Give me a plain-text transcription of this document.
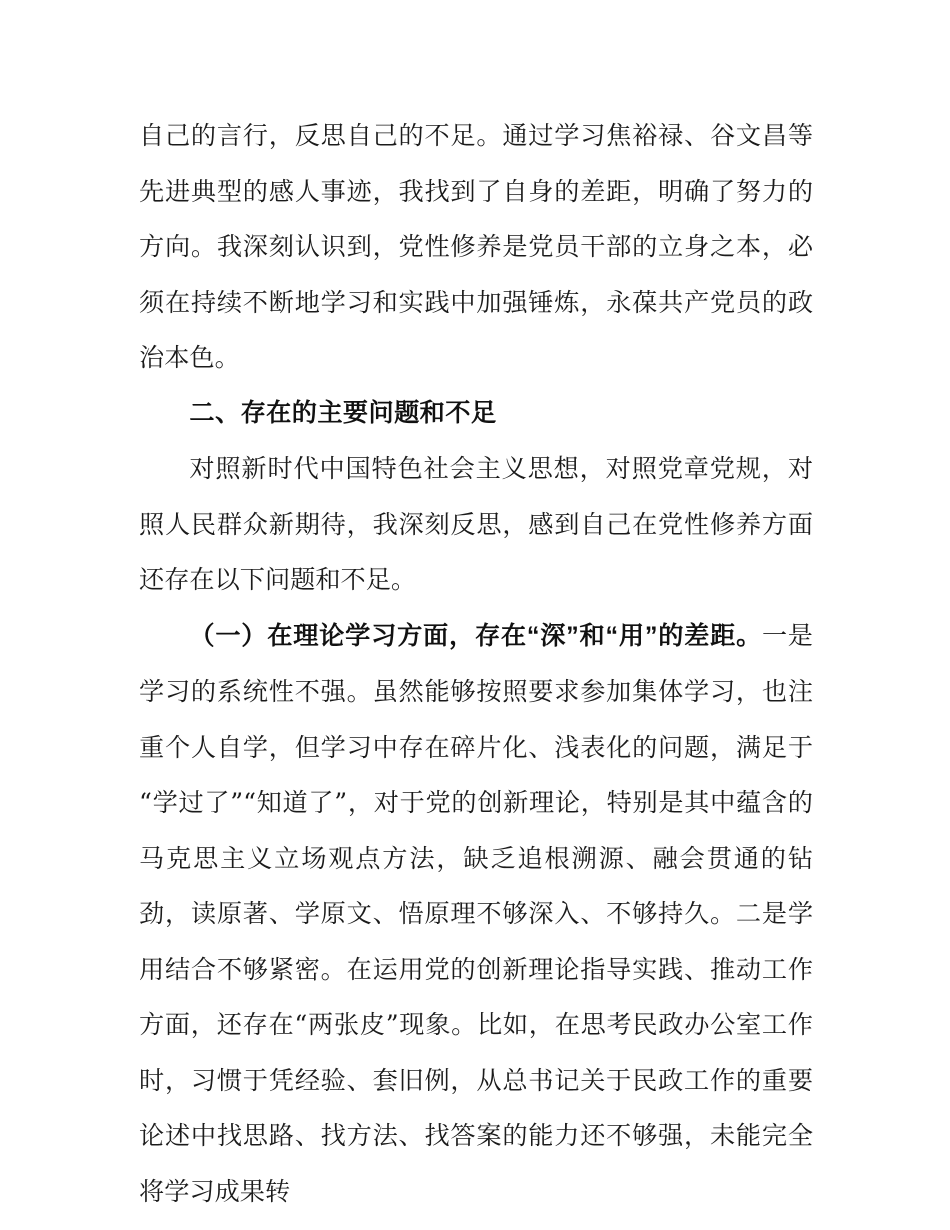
自己的言行，反思自己的不足。通过学习焦裕禄、谷文昌等先进典型的感人事迹，我找到了自身的差距，明确了努力的方向。我深刻认识到，党性修养是党员干部的立身之本，必须在持续不断地学习和实践中加强锤炼，永葆共产党员的政治本色。

二、存在的主要问题和不足

对照新时代中国特色社会主义思想，对照党章党规，对照人民群众新期待，我深刻反思，感到自己在党性修养方面还存在以下问题和不足。

（一）在理论学习方面，存在“深”和“用”的差距。一是学习的系统性不强。虽然能够按照要求参加集体学习，也注重个人自学，但学习中存在碎片化、浅表化的问题，满足于“学过了”“知道了”，对于党的创新理论，特别是其中蕴含的马克思主义立场观点方法，缺乏追根溯源、融会贯通的钻劲，读原著、学原文、悟原理不够深入、不够持久。二是学用结合不够紧密。在运用党的创新理论指导实践、推动工作方面，还存在“两张皮”现象。比如，在思考民政办公室工作时，习惯于凭经验、套旧例，从总书记关于民政工作的重要论述中找思路、找方法、找答案的能力还不够强，未能完全将学习成果转
